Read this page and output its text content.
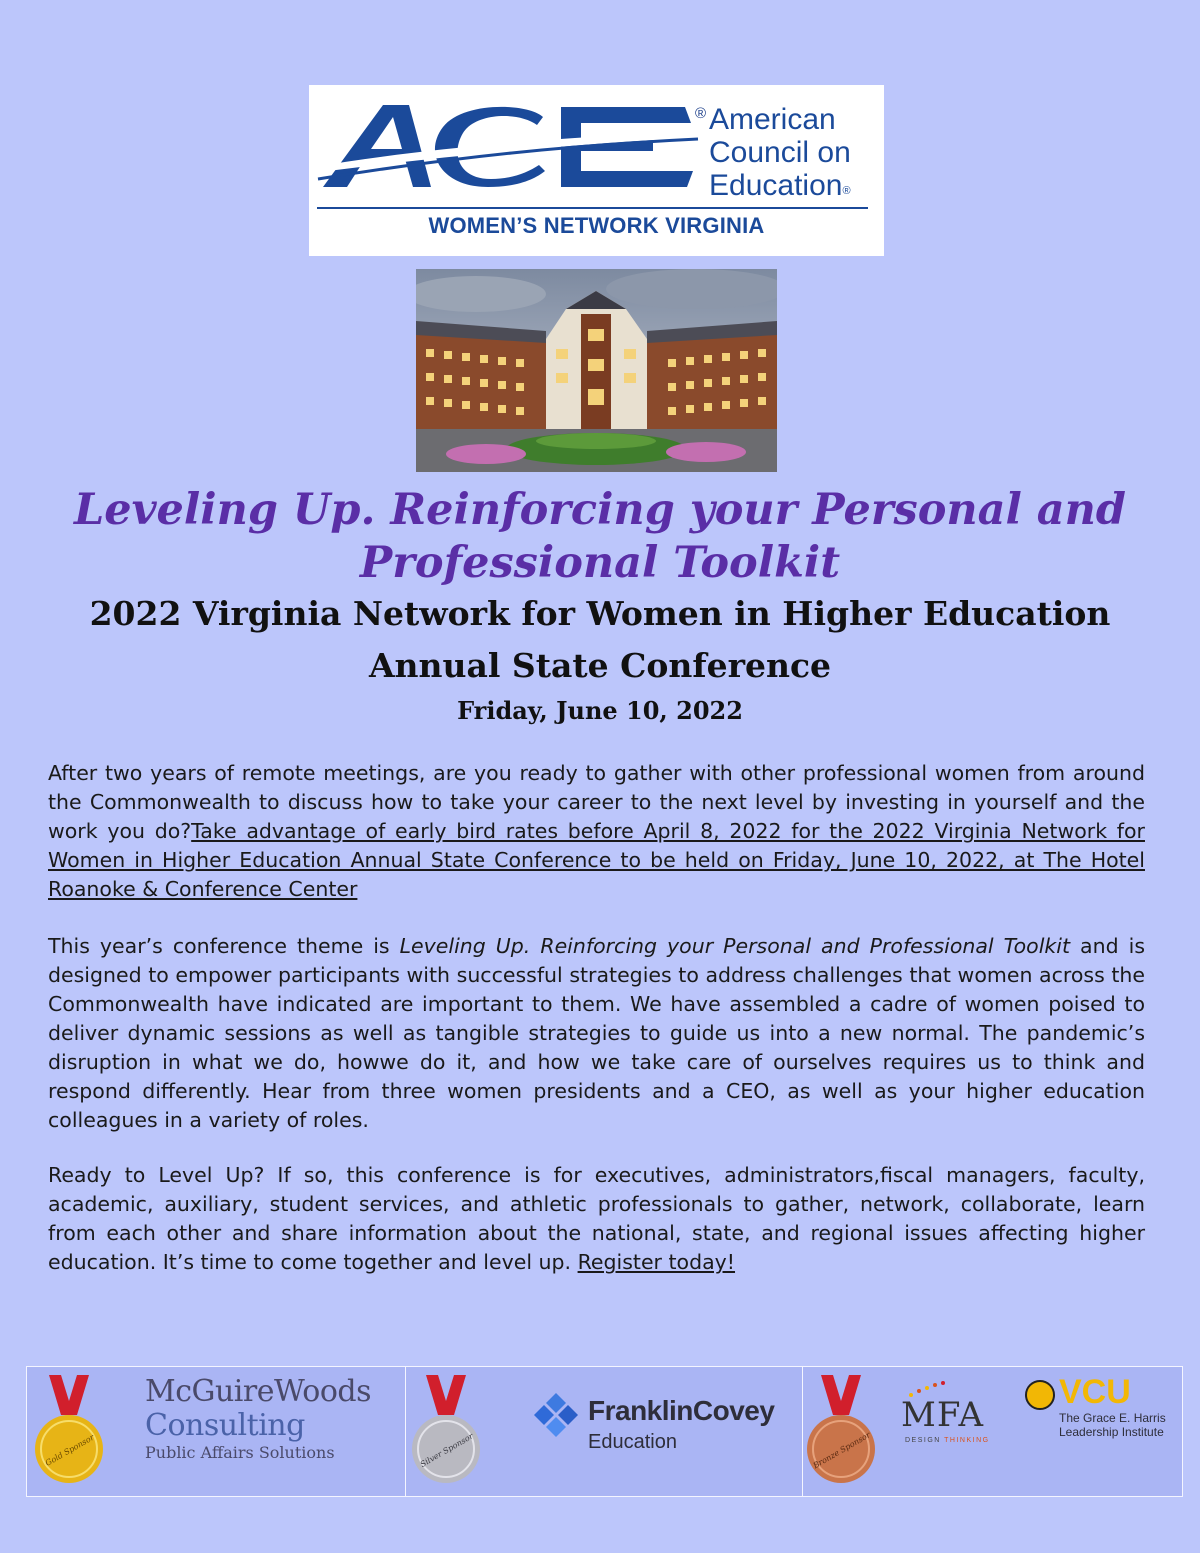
® American
Council on
Education®
WOMEN’S NETWORK VIRGINIA
Leveling Up. Reinforcing your Personal and
Professional Toolkit
2022 Virginia Network for Women in Higher Education
Annual State Conference
Friday, June 10, 2022

After two years of remote meetings, are you ready to gather with other professional women from around the Commonwealth to discuss how to take your career to the next level by investing in yourself and the work you do?Take advantage of early bird rates before April 8, 2022 for the 2022 Virginia Network for Women in Higher Education Annual State Conference to be held on Friday, June 10, 2022, at The Hotel Roanoke & Conference Center

This year’s conference theme is Leveling Up. Reinforcing your Personal and Professional Toolkit and is designed to empower participants with successful strategies to address challenges that women across the Commonwealth have indicated are important to them. We have assembled a cadre of women poised to deliver dynamic sessions as well as tangible strategies to guide us into a new normal. The pandemic’s disruption in what we do, howwe do it, and how we take care of ourselves requires us to think and respond differently. Hear from three women presidents and a CEO, as well as your higher education colleagues in a variety of roles.

Ready to Level Up? If so, this conference is for executives, administrators,fiscal managers, faculty, academic, auxiliary, student services, and athletic professionals to gather, network, collaborate, learn from each other and share information about the national, state, and regional issues affecting higher education. It’s time to come together and level up. Register today!

Gold Sponsor
McGuireWoods
Consulting
Public Affairs Solutions	Silver Sponsor
FranklinCovey
Education	Bronze Sponsor
MFA
DESIGN THINKING
VCU
The Grace E. Harris
Leadership Institute
